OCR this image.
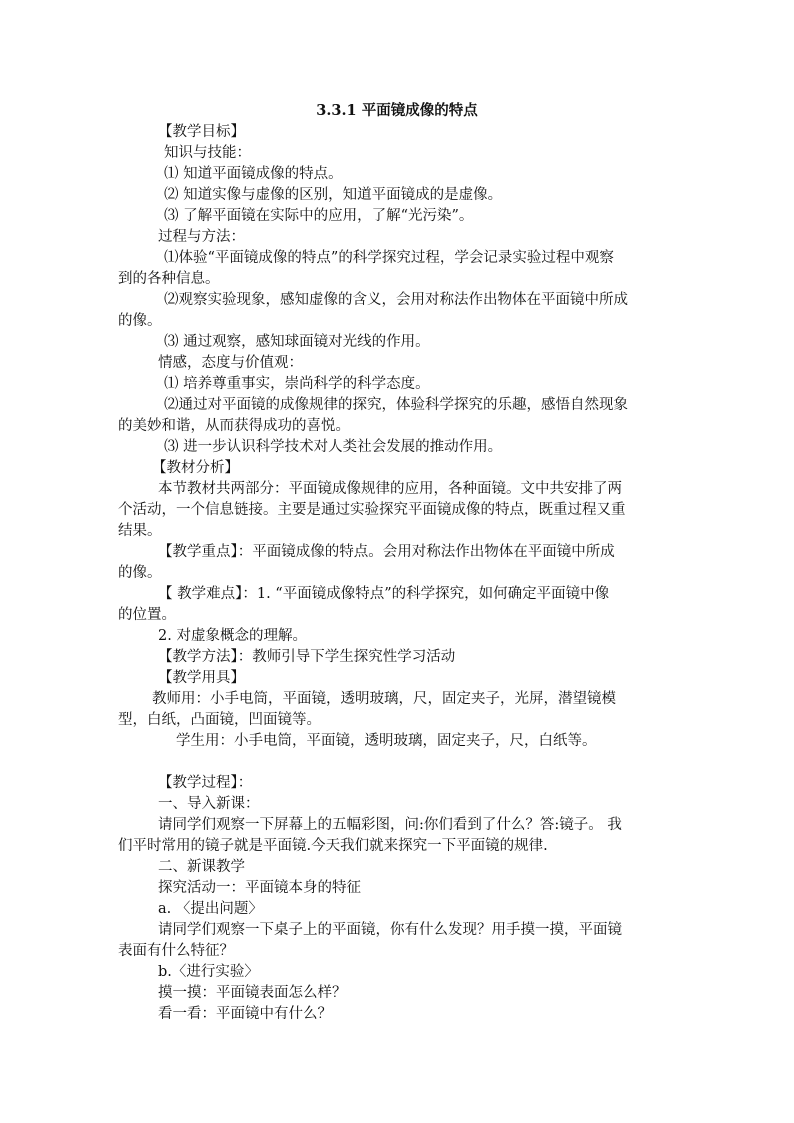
3.3.1 平面镜成像的特点
【教学目标】
知识与技能：
⑴ 知道平面镜成像的特点。
⑵ 知道实像与虚像的区别，知道平面镜成的是虚像。
⑶ 了解平面镜在实际中的应用，了解“光污染”。
过程与方法：
⑴体验“平面镜成像的特点”的科学探究过程，学会记录实验过程中观察
到的各种信息。
⑵观察实验现象，感知虚像的含义，会用对称法作出物体在平面镜中所成
的像。
⑶ 通过观察，感知球面镜对光线的作用。
情感，态度与价值观：
⑴ 培养尊重事实，崇尚科学的科学态度。
⑵通过对平面镜的成像规律的探究，体验科学探究的乐趣，感悟自然现象
的美妙和谐，从而获得成功的喜悦。
⑶ 进一步认识科学技术对人类社会发展的推动作用。
【教材分析】
本节教材共两部分：平面镜成像规律的应用，各种面镜。文中共安排了两
个活动，一个信息链接。主要是通过实验探究平面镜成像的特点，既重过程又重
结果。
【教学重点】：平面镜成像的特点。会用对称法作出物体在平面镜中所成
的像。
【 教学难点】：1. “平面镜成像特点”的科学探究，如何确定平面镜中像
的位置。
2. 对虚象概念的理解。
【教学方法】：教师引导下学生探究性学习活动
【教学用具】
教师用：小手电筒，平面镜，透明玻璃，尺，固定夹子，光屏，潜望镜模
型，白纸，凸面镜，凹面镜等。
学生用：小手电筒，平面镜，透明玻璃，固定夹子，尺，白纸等。
【教学过程】：
一、导入新课：
请同学们观察一下屏幕上的五幅彩图，问:你们看到了什么？答:镜子。 我
们平时常用的镜子就是平面镜.今天我们就来探究一下平面镜的规律.
二、新课教学
探究活动一：平面镜本身的特征
a. 〈提出问题〉
请同学们观察一下桌子上的平面镜，你有什么发现？用手摸一摸，平面镜
表面有什么特征？
b.〈进行实验〉
摸一摸：平面镜表面怎么样？
看一看：平面镜中有什么？
